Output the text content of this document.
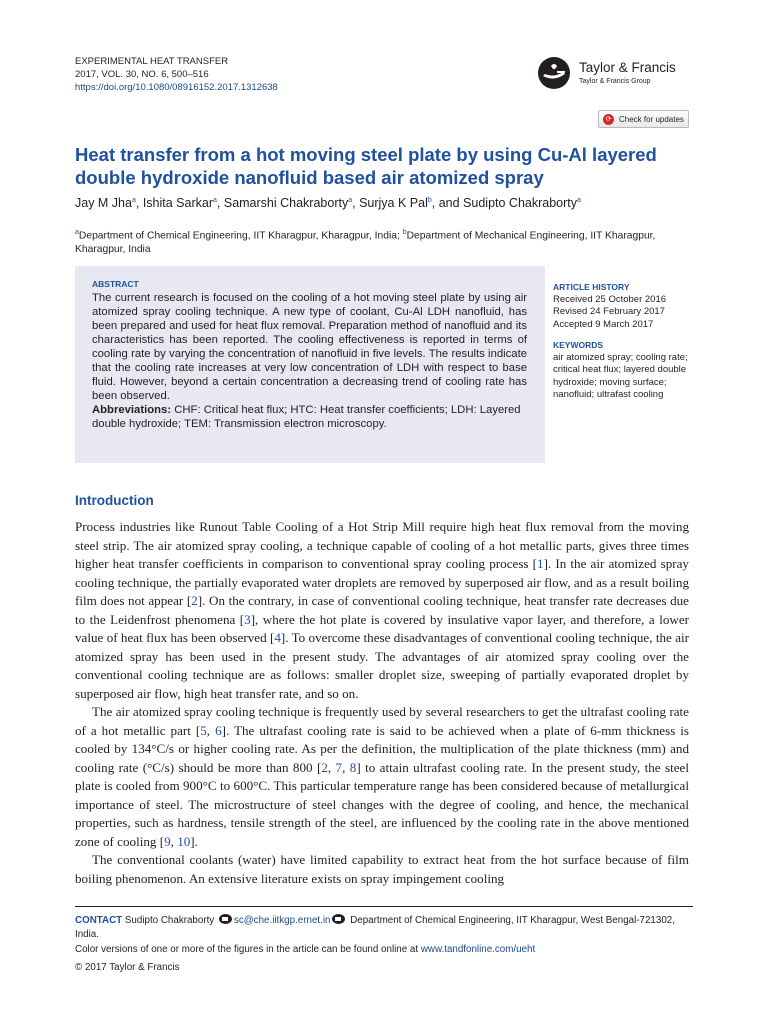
EXPERIMENTAL HEAT TRANSFER
2017, VOL. 30, NO. 6, 500–516
https://doi.org/10.1080/08916152.2017.1312638
Taylor & Francis
Taylor & Francis Group
⟳ Check for updates
Heat transfer from a hot moving steel plate by using Cu-Al layered double hydroxide nanofluid based air atomized spray
Jay M Jha$^a$, Ishita Sarkar$^a$, Samarshi Chakraborty$^a$, Surjya K Pal$^b$, and Sudipto Chakraborty$^a$
$^a$Department of Chemical Engineering, IIT Kharagpur, Kharagpur, India; $^b$Department of Mechanical Engineering, IIT Kharagpur, Kharagpur, India
ABSTRACT

The current research is focused on the cooling of a hot moving steel plate by using air atomized spray cooling technique. A new type of coolant, Cu-Al LDH nanofluid, has been prepared and used for heat flux removal. Preparation method of nanofluid and its characteristics has been reported. The cooling effectiveness is reported in terms of cooling rate by varying the concentration of nanofluid in five levels. The results indicate that the cooling rate increases at very low concentration of LDH with respect to base fluid. However, beyond a certain concentration a decreasing trend of cooling rate has been observed.

Abbreviations: CHF: Critical heat flux; HTC: Heat transfer coefficients; LDH: Layered double hydroxide; TEM: Transmission electron microscopy.

ARTICLE HISTORY
Received 25 October 2016
Revised 24 February 2017
Accepted 9 March 2017
KEYWORDS
air atomized spray; cooling rate; critical heat flux; layered double hydroxide; moving surface; nanofluid; ultrafast cooling
Introduction

Process industries like Runout Table Cooling of a Hot Strip Mill require high heat flux removal from the moving steel strip. The air atomized spray cooling, a technique capable of cooling of a hot metallic parts, gives three times higher heat transfer coefficients in comparison to conventional spray cooling process [1]. In the air atomized spray cooling technique, the partially evaporated water droplets are removed by superposed air flow, and as a result boiling film does not appear [2]. On the contrary, in case of conventional cooling technique, heat transfer rate decreases due to the Leidenfrost phenomena [3], where the hot plate is covered by insulative vapor layer, and therefore, a lower value of heat flux has been observed [4]. To overcome these disadvantages of conventional cooling technique, the air atomized spray has been used in the present study. The advantages of air atomized spray cooling over the conventional cooling technique are as follows: smaller droplet size, sweeping of partially evaporated droplet by superposed air flow, high heat transfer rate, and so on.

The air atomized spray cooling technique is frequently used by several researchers to get the ultrafast cooling rate of a hot metallic part [5, 6]. The ultrafast cooling rate is said to be achieved when a plate of 6-mm thickness is cooled by 134°C/s or higher cooling rate. As per the definition, the multiplication of the plate thickness (mm) and cooling rate (°C/s) should be more than 800 [2, 7, 8] to attain ultrafast cooling rate. In the present study, the steel plate is cooled from 900°C to 600°C. This particular temperature range has been considered because of metallurgical importance of steel. The microstructure of steel changes with the degree of cooling, and hence, the mechanical properties, such as hardness, tensile strength of the steel, are influenced by the cooling rate in the above mentioned zone of cooling [9, 10].

The conventional coolants (water) have limited capability to extract heat from the hot surface because of film boiling phenomenon. An extensive literature exists on spray impingement cooling

CONTACT Sudipto Chakraborty sc@che.iitkgp.ernet.in Department of Chemical Engineering, IIT Kharagpur, West Bengal-721302, India.
Color versions of one or more of the figures in the article can be found online at www.tandfonline.com/ueht
© 2017 Taylor & Francis
